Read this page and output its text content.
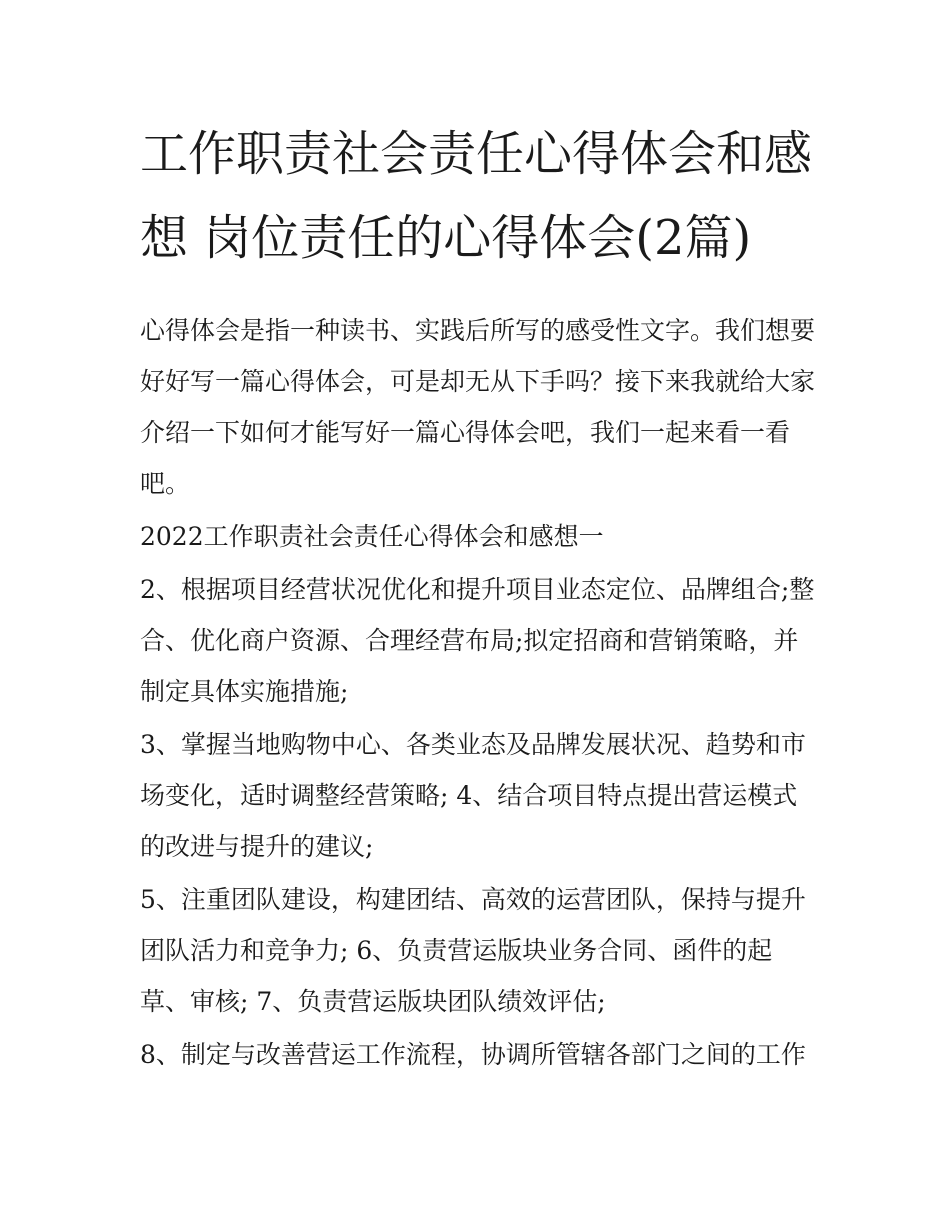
工作职责社会责任心得体会和感想 岗位责任的心得体会(2篇)

心得体会是指一种读书、实践后所写的感受性文字。我们想要好好写一篇心得体会，可是却无从下手吗？接下来我就给大家介绍一下如何才能写好一篇心得体会吧，我们一起来看一看吧。

2022工作职责社会责任心得体会和感想一

2、根据项目经营状况优化和提升项目业态定位、品牌组合;整合、优化商户资源、合理经营布局;拟定招商和营销策略，并制定具体实施措施;

3、掌握当地购物中心、各类业态及品牌发展状况、趋势和市场变化，适时调整经营策略; 4、结合项目特点提出营运模式的改进与提升的建议;

5、注重团队建设，构建团结、高效的运营团队，保持与提升团队活力和竞争力; 6、负责营运版块业务合同、函件的起草、审核; 7、负责营运版块团队绩效评估;

8、制定与改善营运工作流程，协调所管辖各部门之间的工作
